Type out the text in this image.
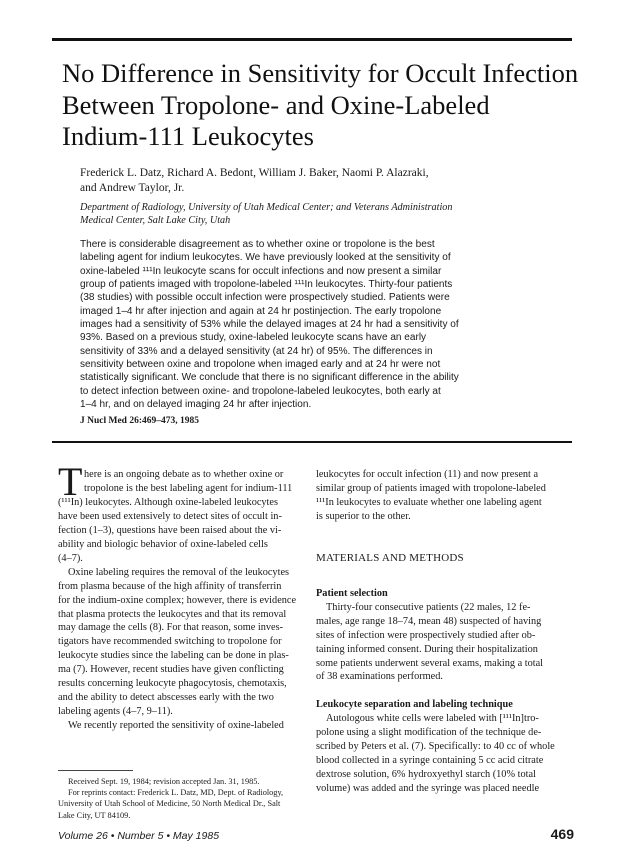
No Difference in Sensitivity for Occult Infection
Between Tropolone- and Oxine-Labeled
Indium-111 Leukocytes
Frederick L. Datz, Richard A. Bedont, William J. Baker, Naomi P. Alazraki,
and Andrew Taylor, Jr.
Department of Radiology, University of Utah Medical Center; and Veterans Administration
Medical Center, Salt Lake City, Utah
There is considerable disagreement as to whether oxine or tropolone is the best
labeling agent for indium leukocytes. We have previously looked at the sensitivity of
oxine-labeled ¹¹¹In leukocyte scans for occult infections and now present a similar
group of patients imaged with tropolone-labeled ¹¹¹In leukocytes. Thirty-four patients
(38 studies) with possible occult infection were prospectively studied. Patients were
imaged 1–4 hr after injection and again at 24 hr postinjection. The early tropolone
images had a sensitivity of 53% while the delayed images at 24 hr had a sensitivity of
93%. Based on a previous study, oxine-labeled leukocyte scans have an early
sensitivity of 33% and a delayed sensitivity (at 24 hr) of 95%. The differences in
sensitivity between oxine and tropolone when imaged early and at 24 hr were not
statistically significant. We conclude that there is no significant difference in the ability
to detect infection between oxine- and tropolone-labeled leukocytes, both early at
1–4 hr, and on delayed imaging 24 hr after injection.
J Nucl Med 26:469–473, 1985
T here is an ongoing debate as to whether oxine or
tropolone is the best labeling agent for indium-111
(¹¹¹In) leukocytes. Although oxine-labeled leukocytes
have been used extensively to detect sites of occult in-
fection (1–3), questions have been raised about the vi-
ability and biologic behavior of oxine-labeled cells
(4–7).
Oxine labeling requires the removal of the leukocytes
from plasma because of the high affinity of transferrin
for the indium-oxine complex; however, there is evidence
that plasma protects the leukocytes and that its removal
may damage the cells (8). For that reason, some inves-
tigators have recommended switching to tropolone for
leukocyte studies since the labeling can be done in plas-
ma (7). However, recent studies have given conflicting
results concerning leukocyte phagocytosis, chemotaxis,
and the ability to detect abscesses early with the two
labeling agents (4–7, 9–11).
We recently reported the sensitivity of oxine-labeled
Received Sept. 19, 1984; revision accepted Jan. 31, 1985.
For reprints contact: Frederick L. Datz, MD, Dept. of Radiology,
University of Utah School of Medicine, 50 North Medical Dr., Salt
Lake City, UT 84109.
leukocytes for occult infection (11) and now present a
similar group of patients imaged with tropolone-labeled
¹¹¹In leukocytes to evaluate whether one labeling agent
is superior to the other.
MATERIALS AND METHODS
Patient selection
Thirty-four consecutive patients (22 males, 12 fe-
males, age range 18–74, mean 48) suspected of having
sites of infection were prospectively studied after ob-
taining informed consent. During their hospitalization
some patients underwent several exams, making a total
of 38 examinations performed.
Leukocyte separation and labeling technique
Autologous white cells were labeled with [¹¹¹In]tro-
polone using a slight modification of the technique de-
scribed by Peters et al. (7). Specifically: to 40 cc of whole
blood collected in a syringe containing 5 cc acid citrate
dextrose solution, 6% hydroxyethyl starch (10% total
volume) was added and the syringe was placed needle
Volume 26 • Number 5 • May 1985	469
